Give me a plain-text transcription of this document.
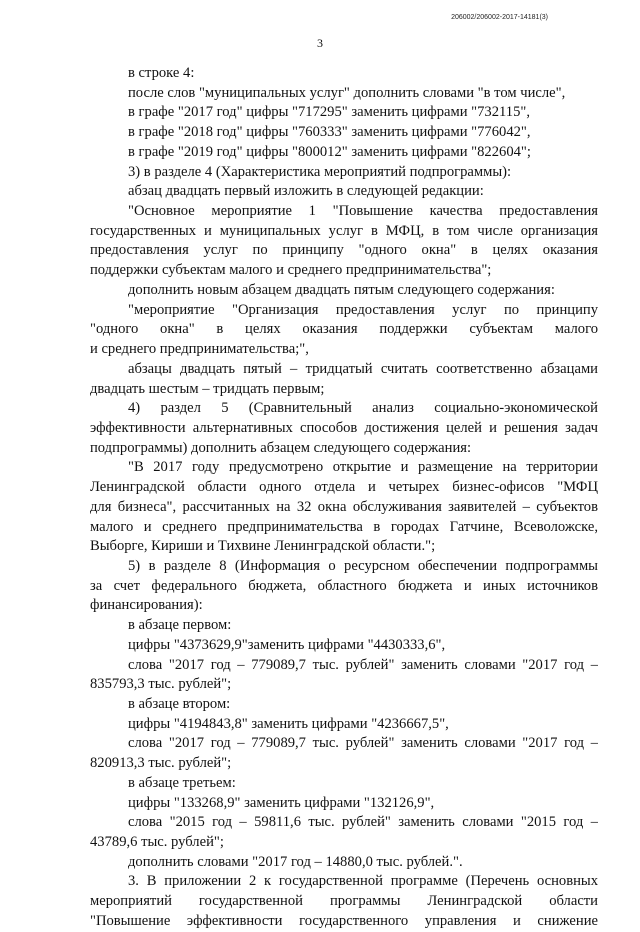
206002/206002-2017-14181(3)
3
в строке 4:
после слов "муниципальных услуг" дополнить словами "в том числе",
в графе "2017 год" цифры "717295" заменить цифрами "732115",
в графе "2018 год" цифры "760333" заменить цифрами "776042",
в графе "2019 год" цифры "800012" заменить цифрами "822604";
3) в разделе 4 (Характеристика мероприятий подпрограммы):
абзац двадцать первый изложить в следующей редакции:
"Основное мероприятие 1 "Повышение качества предоставления
государственных и муниципальных услуг в МФЦ, в том числе организация
предоставления услуг по принципу "одного окна" в целях оказания
поддержки субъектам малого и среднего предпринимательства";
дополнить новым абзацем двадцать пятым следующего содержания:
"мероприятие "Организация предоставления услуг по принципу
"одного окна" в целях оказания поддержки субъектам малого
и среднего предпринимательства;",
абзацы двадцать пятый – тридцатый считать соответственно абзацами
двадцать шестым – тридцать первым;
4) раздел 5 (Сравнительный анализ социально-экономической
эффективности альтернативных способов достижения целей и решения задач
подпрограммы) дополнить абзацем следующего содержания:
"В 2017 году предусмотрено открытие и размещение на территории
Ленинградской области одного отдела и четырех бизнес-офисов "МФЦ
для бизнеса", рассчитанных на 32 окна обслуживания заявителей – субъектов
малого и среднего предпринимательства в городах Гатчине, Всеволожске,
Выборге, Кириши и Тихвине Ленинградской области.";
5) в разделе 8 (Информация о ресурсном обеспечении подпрограммы
за счет федерального бюджета, областного бюджета и иных источников
финансирования):
в абзаце первом:
цифры "4373629,9"заменить цифрами "4430333,6",
слова "2017 год – 779089,7 тыс. рублей" заменить словами "2017 год –
835793,3 тыс. рублей";
в абзаце втором:
цифры "4194843,8" заменить цифрами "4236667,5",
слова "2017 год – 779089,7 тыс. рублей" заменить словами "2017 год –
820913,3 тыс. рублей";
в абзаце третьем:
цифры "133268,9" заменить цифрами "132126,9",
слова "2015 год – 59811,6 тыс. рублей" заменить словами "2015 год –
43789,6 тыс. рублей";
дополнить словами "2017 год – 14880,0 тыс. рублей.".
3. В приложении 2 к государственной программе (Перечень основных
мероприятий государственной программы Ленинградской области
"Повышение эффективности государственного управления и снижение
